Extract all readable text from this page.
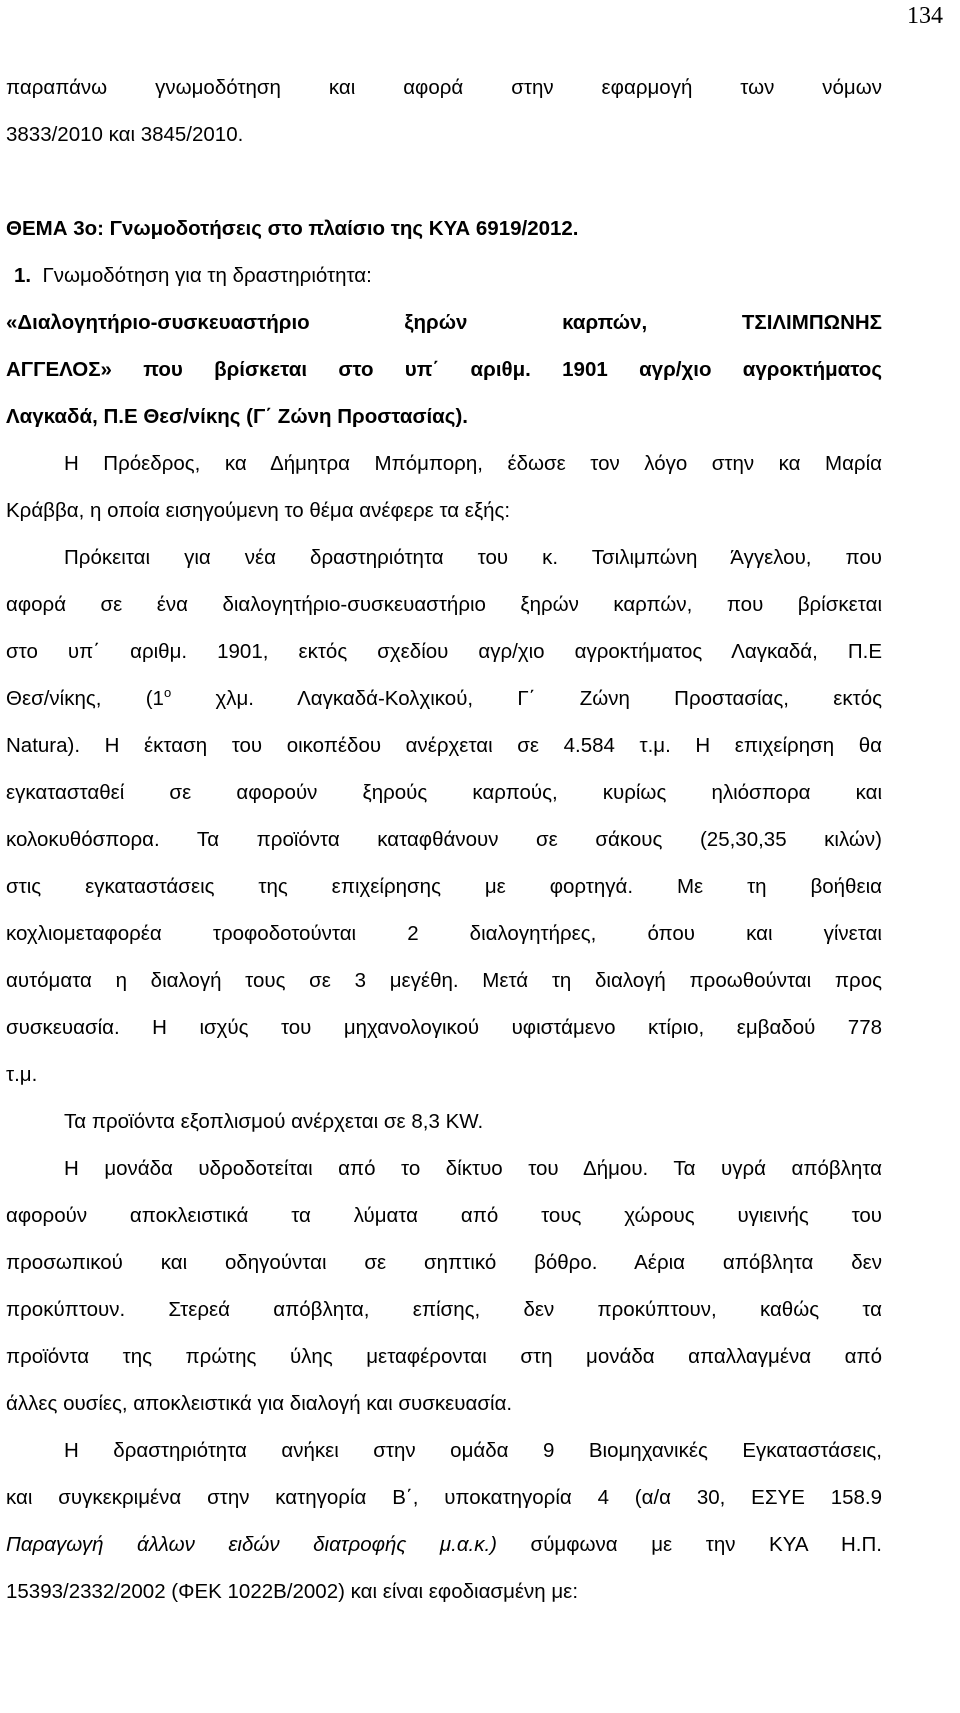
134
παραπάνω γνωμοδότηση και αφορά στην εφαρμογή των νόμων
3833/2010 και 3845/2010.
ΘΕΜΑ 3ο: Γνωμοδοτήσεις στο πλαίσιο της ΚΥΑ 6919/2012.
1. Γνωμοδότηση για τη δραστηριότητα:
«Διαλογητήριο-συσκευαστήριο ξηρών καρπών, ΤΣΙΛΙΜΠΩΝΗΣ
ΑΓΓΕΛΟΣ» που βρίσκεται στο υπ΄ αριθμ. 1901 αγρ/χιο αγροκτήματος
Λαγκαδά, Π.Ε Θεσ/νίκης (Γ΄ Ζώνη Προστασίας).
Η Πρόεδρος, κα Δήμητρα Μπόμπορη, έδωσε τον λόγο στην κα Μαρία
Κράββα, η οποία εισηγούμενη το θέμα ανέφερε τα εξής:
Πρόκειται για νέα δραστηριότητα του κ. Τσιλιμπώνη Άγγελου, που
αφορά σε ένα διαλογητήριο-συσκευαστήριο ξηρών καρπών, που βρίσκεται
στο υπ΄ αριθμ. 1901, εκτός σχεδίου αγρ/χιο αγροκτήματος Λαγκαδά, Π.Ε
Θεσ/νίκης, ($1^o$ χλμ. Λαγκαδά-Κολχικού, Γ΄ Ζώνη Προστασίας, εκτός
Natura). Η έκταση του οικοπέδου ανέρχεται σε 4.584 τ.μ. Η επιχείρηση θα
εγκατασταθεί σε αφορούν ξηρούς καρπούς, κυρίως ηλιόσπορα και
κολοκυθόσπορα. Τα προϊόντα καταφθάνουν σε σάκους (25,30,35 κιλών)
στις εγκαταστάσεις της επιχείρησης με φορτηγά. Με τη βοήθεια
κοχλιομεταφορέα τροφοδοτούνται 2 διαλογητήρες, όπου και γίνεται
αυτόματα η διαλογή τους σε 3 μεγέθη. Μετά τη διαλογή προωθούνται προς
συσκευασία. Η ισχύς του μηχανολογικού υφιστάμενο κτίριο, εμβαδού 778
τ.μ.
Τα προϊόντα εξοπλισμού ανέρχεται σε 8,3 KW.
Η μονάδα υδροδοτείται από το δίκτυο του Δήμου. Τα υγρά απόβλητα
αφορούν αποκλειστικά τα λύματα από τους χώρους υγιεινής του
προσωπικού και οδηγούνται σε σηπτικό βόθρο. Αέρια απόβλητα δεν
προκύπτουν. Στερεά απόβλητα, επίσης, δεν προκύπτουν, καθώς τα
προϊόντα της πρώτης ύλης μεταφέρονται στη μονάδα απαλλαγμένα από
άλλες ουσίες, αποκλειστικά για διαλογή και συσκευασία.
Η δραστηριότητα ανήκει στην ομάδα 9 Βιομηχανικές Εγκαταστάσεις,
και συγκεκριμένα στην κατηγορία Β΄, υποκατηγορία 4 (α/α 30, ΕΣΥΕ 158.9
Παραγωγή άλλων ειδών διατροφής μ.α.κ.) σύμφωνα με την ΚΥΑ Η.Π.
15393/2332/2002 (ΦΕΚ 1022Β/2002) και είναι εφοδιασμένη με:
